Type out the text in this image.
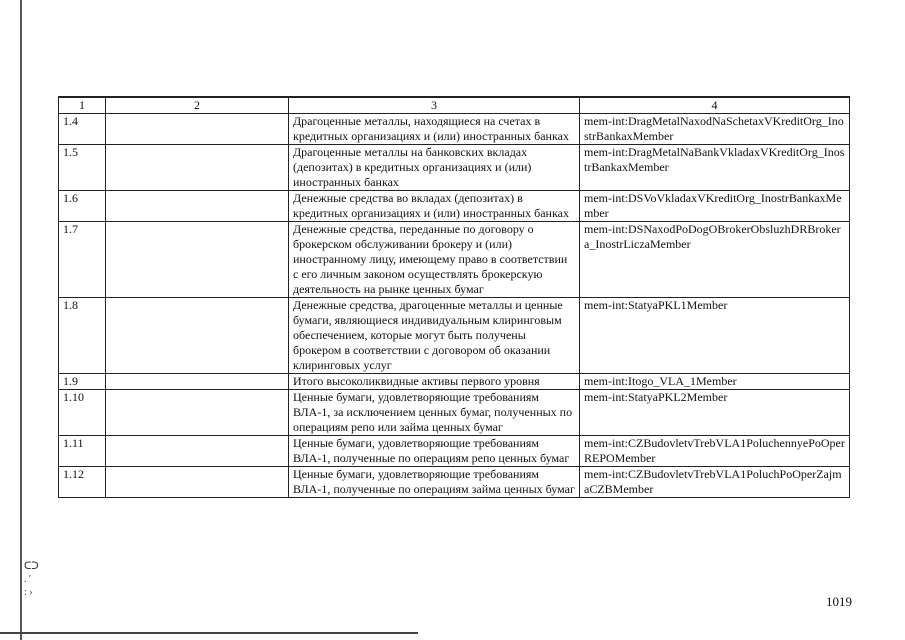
1	2	3	4
1.4		Драгоценные металлы, находящиеся на счетах в кредитных организациях и (или) иностранных банках	mem-int:DragMetalNaxodNaSchetaxVKreditOrg_InostrBankaxMember
1.5		Драгоценные металлы на банковских вкладах (депозитах) в кредитных организациях и (или) иностранных банках	mem-int:DragMetalNaBankVkladaxVKreditOrg_InostrBankaxMember
1.6		Денежные средства во вкладах (депозитах) в кредитных организациях и (или) иностранных банках	mem-int:DSVoVkladaxVKreditOrg_InostrBankaxMember
1.7		Денежные средства, переданные по договору о брокерском обслуживании брокеру и (или) иностранному лицу, имеющему право в соответствии с его личным законом осуществлять брокерскую деятельность на рынке ценных бумаг	mem-int:DSNaxodPoDogOBrokerObsluzhDRBrokera_InostrLiczaMember
1.8		Денежные средства, драгоценные металлы и ценные бумаги, являющиеся индивидуальным клиринговым обеспечением, которые могут быть получены брокером в соответствии с договором об оказании клиринговых услуг	mem-int:StatyaPKL1Member
1.9		Итого высоколиквидные активы первого уровня	mem-int:Itogo_VLA_1Member
1.10		Ценные бумаги, удовлетворяющие требованиям ВЛА-1, за исключением ценных бумаг, полученных по операциям репо или займа ценных бумаг	mem-int:StatyaPKL2Member
1.11		Ценные бумаги, удовлетворяющие требованиям ВЛА-1, полученные по операциям репо ценных бумаг	mem-int:CZBudovletvTrebVLA1PoluchennyePoOperREPOMember
1.12		Ценные бумаги, удовлетворяющие требованиям ВЛА-1, полученные по операциям займа ценных бумаг	mem-int:CZBudovletvTrebVLA1PoluchPoOperZajmaCZBMember
ᑕᑐ
. '
: ›
1019
